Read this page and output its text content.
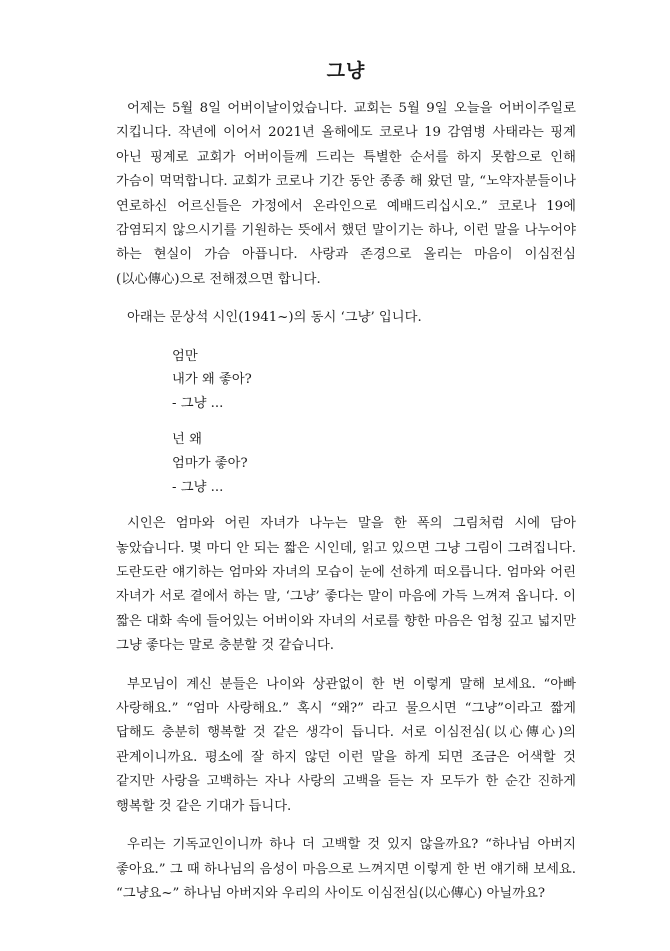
그냥

어제는 5월 8일 어버이날이었습니다. 교회는 5월 9일 오늘을 어버이주일로 지킵니다. 작년에 이어서 2021년 올해에도 코로나 19 감염병 사태라는 핑계 아닌 핑계로 교회가 어버이들께 드리는 특별한 순서를 하지 못함으로 인해 가슴이 먹먹합니다. 교회가 코로나 기간 동안 종종 해 왔던 말, “노약자분들이나 연로하신 어르신들은 가정에서 온라인으로 예배드리십시오.” 코로나 19에 감염되지 않으시기를 기원하는 뜻에서 했던 말이기는 하나, 이런 말을 나누어야 하는 현실이 가슴 아픕니다. 사랑과 존경으로 올리는 마음이 이심전심(以心傳心)으로 전해졌으면 합니다.

아래는 문상석 시인(1941~)의 동시 ‘그냥’ 입니다.

엄만
내가 왜 좋아?
- 그냥 ...
넌 왜
엄마가 좋아?
- 그냥 ...

시인은 엄마와 어린 자녀가 나누는 말을 한 폭의 그림처럼 시에 담아 놓았습니다. 몇 마디 안 되는 짧은 시인데, 읽고 있으면 그냥 그림이 그려집니다. 도란도란 얘기하는 엄마와 자녀의 모습이 눈에 선하게 떠오릅니다. 엄마와 어린 자녀가 서로 곁에서 하는 말, ‘그냥’ 좋다는 말이 마음에 가득 느껴져 옵니다. 이 짧은 대화 속에 들어있는 어버이와 자녀의 서로를 향한 마음은 엄청 깊고 넓지만 그냥 좋다는 말로 충분할 것 같습니다.

부모님이 계신 분들은 나이와 상관없이 한 번 이렇게 말해 보세요. “아빠 사랑해요.” “엄마 사랑해요.” 혹시 “왜?” 라고 물으시면 “그냥”이라고 짧게 답해도 충분히 행복할 것 같은 생각이 듭니다. 서로 이심전심(以心傳心)의 관계이니까요. 평소에 잘 하지 않던 이런 말을 하게 되면 조금은 어색할 것 같지만 사랑을 고백하는 자나 사랑의 고백을 듣는 자 모두가 한 순간 진하게 행복할 것 같은 기대가 듭니다.

우리는 기독교인이니까 하나 더 고백할 것 있지 않을까요? “하나님 아버지 좋아요.” 그 때 하나님의 음성이 마음으로 느껴지면 이렇게 한 번 얘기해 보세요. “그냥요~” 하나님 아버지와 우리의 사이도 이심전심(以心傳心) 아닐까요?
